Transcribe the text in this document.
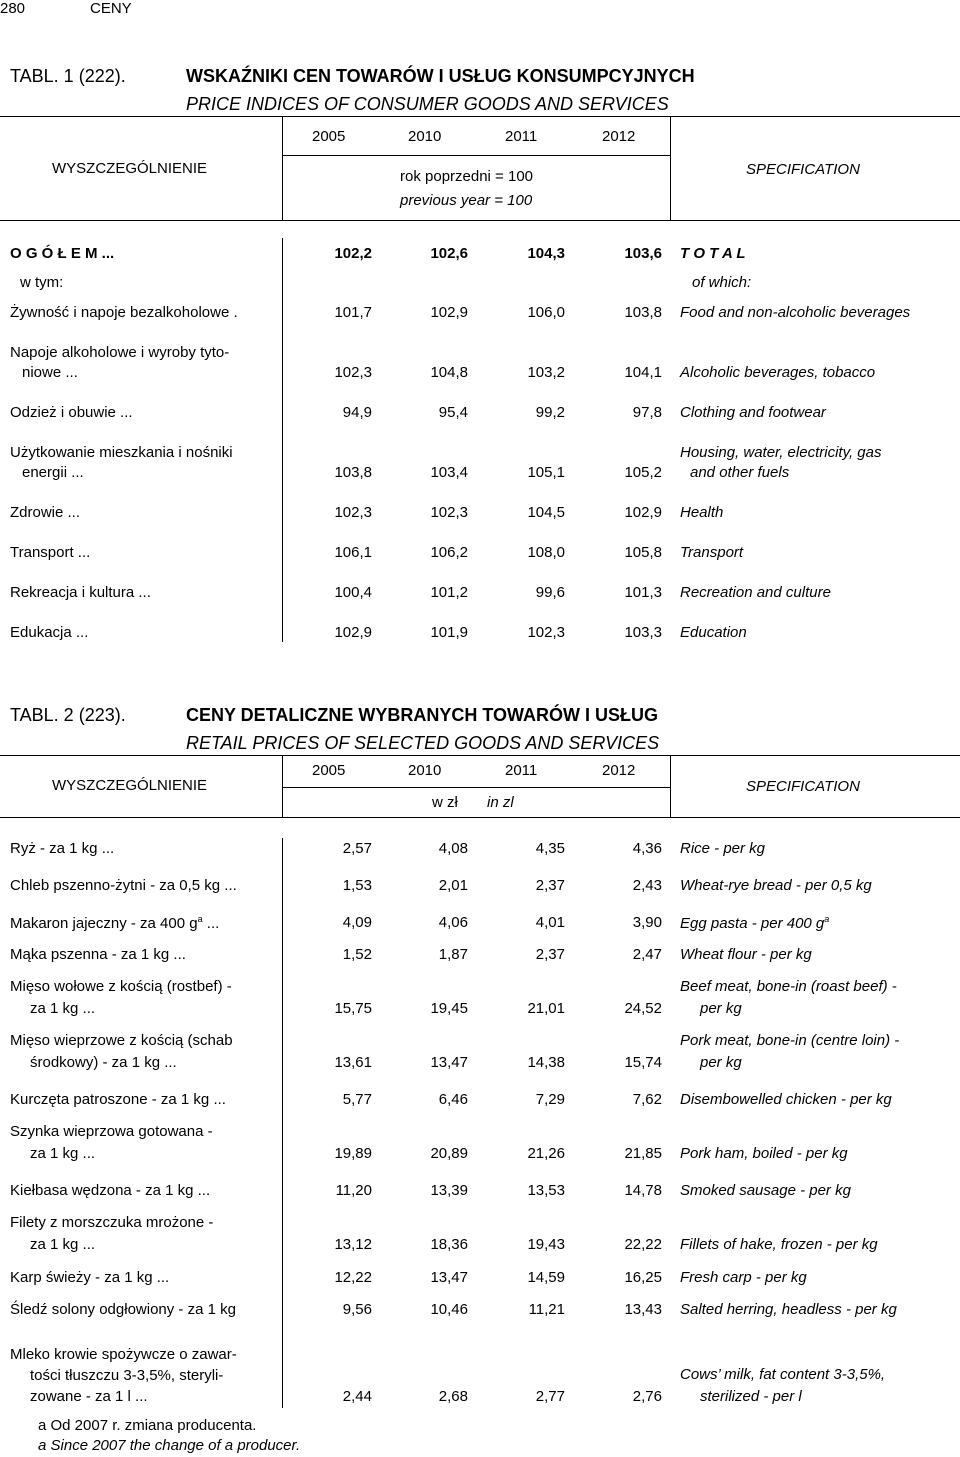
280	CENY
TABL. 1 (222).	WSKAŹNIKI CEN TOWARÓW I USŁUG KONSUMPCYJNYCH
PRICE INDICES OF CONSUMER GOODS AND SERVICES
WYSZCZEGÓLNIENIE	SPECIFICATION
2005	2010	2011	2012
rok poprzedni = 100
previous year = 100
O G Ó Ł E M ...	102,2	102,6	104,3	103,6 T O T A L
w tym:	of which:
Żywność i napoje bezalkoholowe .	101,7	102,9	106,0	103,8 Food and non-alcoholic beverages
Napoje alkoholowe i wyroby tyto-
niowe ...	102,3	104,8	103,2	104,1 Alcoholic beverages, tobacco
Odzież i obuwie ...	94,9	95,4	99,2	97,8 Clothing and footwear
Użytkowanie mieszkania i nośniki
energii ...	103,8	103,4	105,1	105,2
Housing, water, electricity, gas
and other fuels
Zdrowie ...	102,3	102,3	104,5	102,9 Health
Transport ...	106,1	106,2	108,0	105,8 Transport
Rekreacja i kultura ...	100,4	101,2	99,6	101,3 Recreation and culture
Edukacja ...	102,9	101,9	102,3	103,3 Education
TABL. 2 (223).	CENY DETALICZNE WYBRANYCH TOWARÓW I USŁUG
RETAIL PRICES OF SELECTED GOODS AND SERVICES
WYSZCZEGÓLNIENIE	SPECIFICATION
2005	2010	2011	2012
w zł in zl
Ryż - za 1 kg ...	2,57	4,08	4,35	4,36 Rice - per kg
Chleb pszenno-żytni - za 0,5 kg ...	1,53	2,01	2,37	2,43 Wheat-rye bread - per 0,5 kg
Makaron jajeczny - za 400 $g^a$ ...	4,09	4,06	4,01	3,90 Egg pasta - per 400 $g^a$
Mąka pszenna - za 1 kg ...	1,52	1,87	2,37	2,47 Wheat flour - per kg
Mięso wołowe z kością (rostbef) -
za 1 kg ...	15,75	19,45	21,01	24,52
Beef meat, bone-in (roast beef) -
per kg
Mięso wieprzowe z kością (schab
środkowy) - za 1 kg ...	13,61	13,47	14,38	15,74
Pork meat, bone-in (centre loin) -
per kg
Kurczęta patroszone - za 1 kg ...	5,77	6,46	7,29	7,62 Disembowelled chicken - per kg
Szynka wieprzowa gotowana -
za 1 kg ...	19,89	20,89	21,26	21,85 Pork ham, boiled - per kg
Kiełbasa wędzona - za 1 kg ...	11,20	13,39	13,53	14,78 Smoked sausage - per kg
Filety z morszczuka mrożone -
za 1 kg ...	13,12	18,36	19,43	22,22 Fillets of hake, frozen - per kg
Karp świeży - za 1 kg ...	12,22	13,47	14,59	16,25 Fresh carp - per kg
Śledź solony odgłowiony - za 1 kg	9,56	10,46	11,21	13,43 Salted herring, headless - per kg
Mleko krowie spożywcze o zawar-
tości tłuszczu 3-3,5%, steryli-
zowane - za 1 l ...	2,44	2,68	2,77	2,76
Cows’ milk, fat content 3-3,5%,
sterilized - per l
a Od 2007 r. zmiana producenta.
a Since 2007 the change of a producer.
